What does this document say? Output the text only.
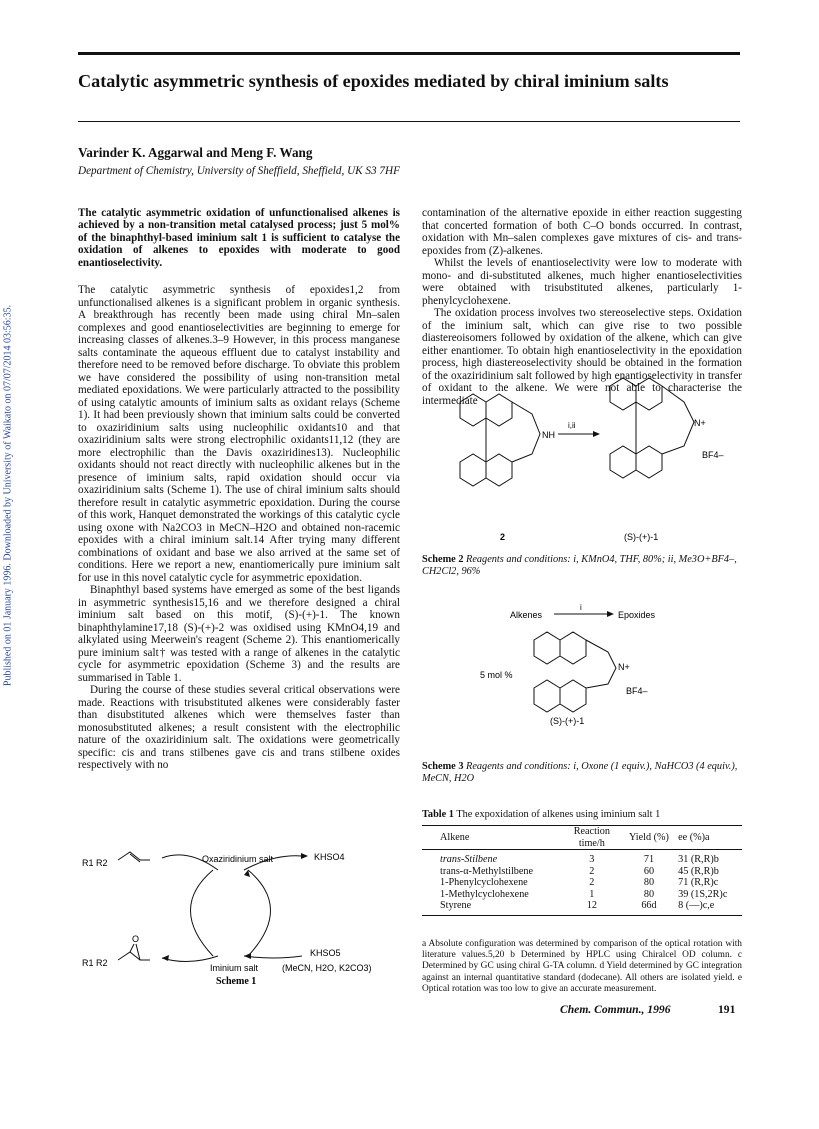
Published on 01 January 1996. Downloaded by University of Waikato on 07/07/2014 03:56:35.
Catalytic asymmetric synthesis of epoxides mediated by chiral iminium salts
Varinder K. Aggarwal and Meng F. Wang
Department of Chemistry, University of Sheffield, Sheffield, UK S3 7HF
The catalytic asymmetric oxidation of unfunctionalised alkenes is achieved by a non-transition metal catalysed process; just 5 mol% of the binaphthyl-based iminium salt 1 is sufficient to catalyse the oxidation of alkenes to epoxides with moderate to good enantioselectivity.

The catalytic asymmetric synthesis of epoxides1,2 from unfunctionalised alkenes is a significant problem in organic synthesis. A breakthrough has recently been made using chiral Mn–salen complexes and good enantioselectivities are beginning to emerge for increasing classes of alkenes.3–9 However, in this process manganese salts contaminate the aqueous effluent due to catalyst instability and therefore need to be removed before discharge. To obviate this problem we have considered the possibility of using non-transition metal mediated epoxidations. We were particularly attracted to the possibility of using catalytic amounts of iminium salts as oxidant relays (Scheme 1). It had been previously shown that iminium salts could be converted to oxaziridinium salts using nucleophilic oxidants10 and that oxaziridinium salts were strong electrophilic oxidants11,12 (they are more electrophilic than the Davis oxaziridines13). Nucleophilic oxidants should not react directly with nucleophilic alkenes but in the presence of iminium salts, rapid oxidation should occur via oxaziridinium salts (Scheme 1). The use of chiral iminium salts should therefore result in catalytic asymmetric epoxidation. During the course of this work, Hanquet demonstrated the workings of this catalytic cycle using oxone with Na2CO3 in MeCN–H2O and obtained non-racemic epoxides with a chiral iminium salt.14 After trying many different combinations of oxidant and base we also arrived at the same set of conditions. Here we report a new, enantiomerically pure iminium salt for use in this novel catalytic cycle for asymmetric epoxidation.

Binaphthyl based systems have emerged as some of the best ligands in asymmetric synthesis15,16 and we therefore designed a chiral iminium salt based on this motif, (S)-(+)-1. The known binaphthylamine17,18 (S)-(+)-2 was oxidised using KMnO4,19 and alkylated using Meerwein's reagent (Scheme 2). This enantiomerically pure iminium salt† was tested with a range of alkenes in the catalytic cycle for asymmetric epoxidation (Scheme 3) and the results are summarised in Table 1.

During the course of these studies several critical observations were made. Reactions with trisubstituted alkenes were considerably faster than disubstituted alkenes which were themselves faster than monosubstituted alkenes; a result consistent with the electrophilic nature of the oxaziridinium salt. The oxidations were geometrically specific: cis and trans stilbenes gave cis and trans stilbene oxides respectively with no

Oxaziridinium salt
Iminium salt
KHSO4
KHSO5
(MeCN, H2O, K2CO3)
R1 R2
R1 R2
O
Scheme 1

contamination of the alternative epoxide in either reaction suggesting that concerted formation of both C–O bonds occurred. In contrast, oxidation with Mn–salen complexes gave mixtures of cis- and trans-epoxides from (Z)-alkenes.

Whilst the levels of enantioselectivity were low to moderate with mono- and di-substituted alkenes, much higher enantioselectivities were obtained with trisubstituted alkenes, particularly 1-phenylcyclohexene.

The oxidation process involves two stereoselective steps. Oxidation of the iminium salt, which can give rise to two possible diastereoisomers followed by oxidation of the alkene, which can give either enantiomer. To obtain high enantioselectivity in the epoxidation process, high diastereoselectivity should be obtained in the formation of the oxaziridinium salt followed by high enantioselectivity in transfer of oxidant to the alkene. We were not able to characterise the intermediate

NH
i,ii	N+
BF4–
2	(S)-(+)-1
Scheme 2 Reagents and conditions: i, KMnO4, THF, 80%; ii, Me3O+BF4–, CH2Cl2, 96%
Alkenes
i
Epoxides
5 mol %
N+
BF4–
(S)-(+)-1
Scheme 3 Reagents and conditions: i, Oxone (1 equiv.), NaHCO3 (4 equiv.), MeCN, H2O
Table 1 The expoxidation of alkenes using iminium salt 1
Alkene	Reaction time/h	Yield (%)	ee (%)a
trans-Stilbene	3	71	31 (R,R)b
trans-α-Methylstilbene	2	60	45 (R,R)b
1-Phenylcyclohexene	2	80	71 (R,R)c
1-Methylcyclohexene	1	80	39 (1S,2R)c
Styrene	12	66d	8 (—)c,e
a Absolute configuration was determined by comparison of the optical rotation with literature values.5,20 b Determined by HPLC using Chiralcel OD column. c Determined by GC using chiral G-TA column. d Yield determined by GC integration against an internal quantitative standard (dodecane). All others are isolated yield. e Optical rotation was too low to give an accurate measurement.
Chem. Commun., 1996	191
